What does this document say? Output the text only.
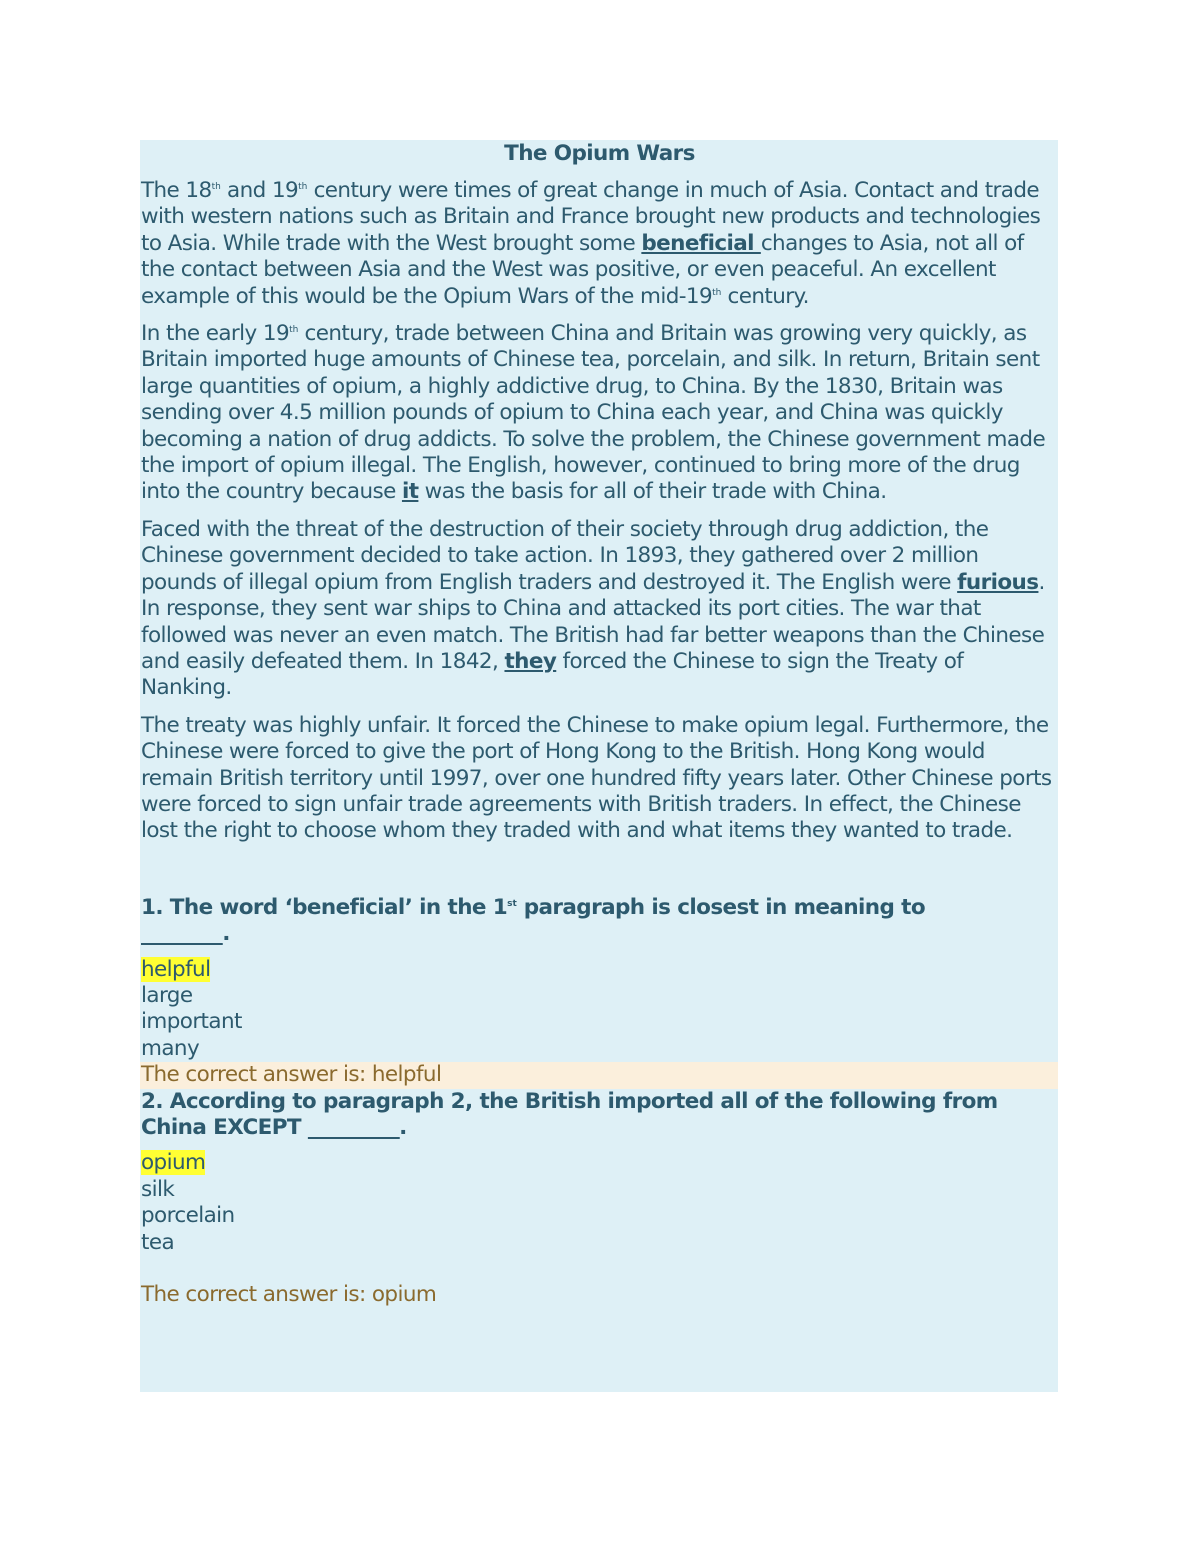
The Opium Wars

The 18th and 19th century were times of great change in much of Asia. Contact and trade with western nations such as Britain and France brought new products and technologies to Asia. While trade with the West brought some beneficial changes to Asia, not all of the contact between Asia and the West was positive, or even peaceful. An excellent example of this would be the Opium Wars of the mid-19th century.

In the early 19th century, trade between China and Britain was growing very quickly, as Britain imported huge amounts of Chinese tea, porcelain, and silk. In return, Britain sent large quantities of opium, a highly addictive drug, to China. By the 1830, Britain was sending over 4.5 million pounds of opium to China each year, and China was quickly becoming a nation of drug addicts. To solve the problem, the Chinese government made the import of opium illegal. The English, however, continued to bring more of the drug into the country because it was the basis for all of their trade with China.

Faced with the threat of the destruction of their society through drug addiction, the Chinese government decided to take action. In 1893, they gathered over 2 million pounds of illegal opium from English traders and destroyed it. The English were furious. In response, they sent war ships to China and attacked its port cities. The war that followed was never an even match. The British had far better weapons than the Chinese and easily defeated them. In 1842, they forced the Chinese to sign the Treaty of Nanking.

The treaty was highly unfair. It forced the Chinese to make opium legal. Furthermore, the Chinese were forced to give the port of Hong Kong to the British. Hong Kong would remain British territory until 1997, over one hundred fifty years later. Other Chinese ports were forced to sign unfair trade agreements with British traders. In effect, the Chinese lost the right to choose whom they traded with and what items they wanted to trade.

1. The word ‘beneficial’ in the 1st paragraph is closest in meaning to
________.
helpful
large
important
many
The correct answer is: helpful
2. According to paragraph 2, the British imported all of the following from China EXCEPT _________.
opium
silk
porcelain
tea
The correct answer is: opium
